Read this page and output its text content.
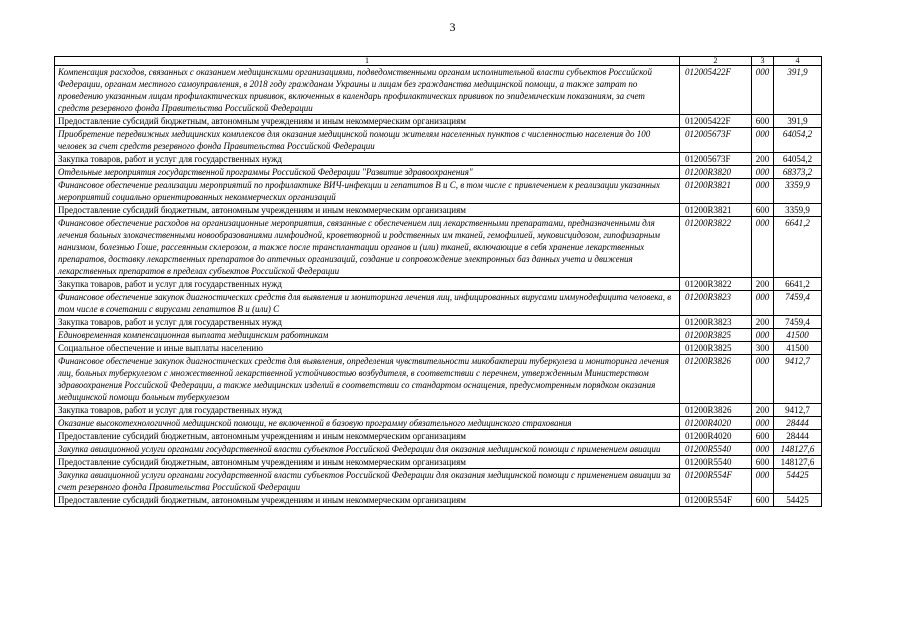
3
1	2	3	4
Компенсация расходов, связанных с оказанием медицинскими организациями, подведомственными органам исполнительной власти субъектов Российской Федерации, органам местного самоуправления, в 2018 году гражданам Украины и лицам без гражданства медицинской помощи, а также затрат по проведению указанным лицам профилактических прививок, включенных в календарь профилактических прививок по эпидемическим показаниям, за счет средств резервного фонда Правительства Российской Федерации	012005422F	000	391,9
Предоставление субсидий бюджетным, автономным учреждениям и иным некоммерческим организациям	012005422F	600	391,9
Приобретение передвижных медицинских комплексов для оказания медицинской помощи жителям населенных пунктов с численностью населения до 100 человек за счет средств резервного фонда Правительства Российской Федерации	012005673F	000	64054,2
Закупка товаров, работ и услуг для государственных нужд	012005673F	200	64054,2
Отдельные мероприятия государственной программы Российской Федерации "Развитие здравоохранения"	01200R3820	000	68373,2
Финансовое обеспечение реализации мероприятий по профилактике ВИЧ-инфекции и гепатитов В и С, в том числе с привлечением к реализации указанных мероприятий социально ориентированных некоммерческих организаций	01200R3821	000	3359,9
Предоставление субсидий бюджетным, автономным учреждениям и иным некоммерческим организациям	01200R3821	600	3359,9
Финансовое обеспечение расходов на организационные мероприятия, связанные с обеспечением лиц лекарственными препаратами, предназначенными для лечения больных злокачественными новообразованиями лимфоидной, кроветворной и родственных им тканей, гемофилией, муковисцидозом, гипофизарным нанизмом, болезнью Гоше, рассеянным склерозом, а также после трансплантации органов и (или) тканей, включающие в себя хранение лекарственных препаратов, доставку лекарственных препаратов до аптечных организаций, создание и сопровождение электронных баз данных учета и движения лекарственных препаратов в пределах субъектов Российской Федерации	01200R3822	000	6641,2
Закупка товаров, работ и услуг для государственных нужд	01200R3822	200	6641,2
Финансовое обеспечение закупок диагностических средств для выявления и мониторинга лечения лиц, инфицированных вирусами иммунодефицита человека, в том числе в сочетании с вирусами гепатитов В и (или) С	01200R3823	000	7459,4
Закупка товаров, работ и услуг для государственных нужд	01200R3823	200	7459,4
Единовременная компенсационная выплата медицинским работникам	01200R3825	000	41500
Социальное обеспечение и иные выплаты населению	01200R3825	300	41500
Финансовое обеспечение закупок диагностических средств для выявления, определения чувствительности микобактерии туберкулеза и мониторинга лечения лиц, больных туберкулезом с множественной лекарственной устойчивостью возбудителя, в соответствии с перечнем, утвержденным Министерством здравоохранения Российской Федерации, а также медицинских изделий в соответствии со стандартом оснащения, предусмотренным порядком оказания медицинской помощи больным туберкулезом	01200R3826	000	9412,7
Закупка товаров, работ и услуг для государственных нужд	01200R3826	200	9412,7
Оказание высокотехнологичной медицинской помощи, не включенной в базовую программу обязательного медицинского страхования	01200R4020	000	28444
Предоставление субсидий бюджетным, автономным учреждениям и иным некоммерческим организациям	01200R4020	600	28444
Закупка авиационной услуги органами государственной власти субъектов Российской Федерации для оказания медицинской помощи с применением авиации	01200R5540	000	148127,6
Предоставление субсидий бюджетным, автономным учреждениям и иным некоммерческим организациям	01200R5540	600	148127,6
Закупка авиационной услуги органами государственной власти субъектов Российской Федерации для оказания медицинской помощи с применением авиации за счет резервного фонда Правительства Российской Федерации	01200R554F	000	54425
Предоставление субсидий бюджетным, автономным учреждениям и иным некоммерческим организациям	01200R554F	600	54425
